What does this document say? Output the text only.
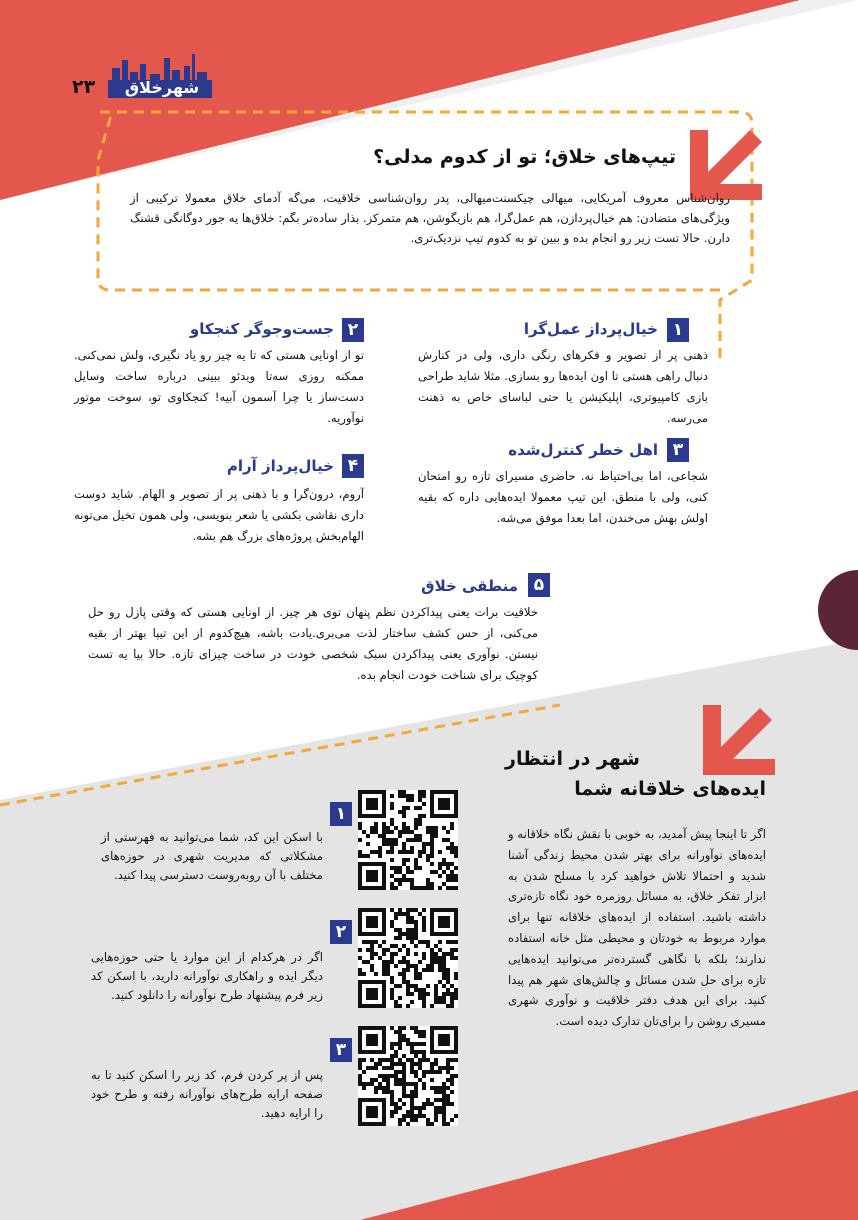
شهرخلاق
۲۳
تیپ‌های خلاق؛ تو از کدوم مدلی؟
روان‌شناس معروف آمریکایی، میهالی چیکسنت‌میهالی، پدر روان‌شناسی خلاقیت، می‌گه آدمای خلاق معمولا ترکیبی از ویژگی‌های متضادن: هم خیال‌پردازن، هم عمل‌گرا، هم بازیگوشن، هم متمرکز. بذار ساده‌تر بگم: خلاق‌ها یه جور دوگانگی قشنگ دارن. حالا تست زیر رو انجام بده و ببین تو به کدوم تیپ نزدیک‌تری.
۱
خیال‌پرداز عمل‌گرا
ذهنی پر از تصویر و فکرهای رنگی داری، ولی در کنارش دنبال راهی هستی تا اون ایده‌ها رو بسازی. مثلا شاید طراحی بازی کامپیوتری، اپلیکیشن یا حتی لباسای خاص به ذهنت می‌رسه.
۲
جست‌وجوگر کنجکاو
تو از اونایی هستی که تا یه چیز رو یاد نگیری، ولش نمی‌کنی. ممکنه روزی سه‌تا ویدئو ببینی درباره ساخت وسایل دست‌ساز یا چرا آسمون آبیه! کنجکاوی تو، سوخت موتور نوآوریه.
۳
اهل خطر کنترل‌شده
شجاعی، اما بی‌احتیاط نه. حاضری مسیرای تازه رو امتحان کنی، ولی با منطق. این تیپ معمولا ایده‌هایی داره که بقیه اولش بهش می‌خندن، اما بعدا موفق می‌شه.
۴
خیال‌پرداز آرام
آروم، درون‌گرا و با ذهنی پر از تصویر و الهام. شاید دوست داری نقاشی بکشی یا شعر بنویسی، ولی همون تخیل می‌تونه الهام‌بخش پروژه‌های بزرگ هم بشه.
۵
منطقی خلاق
خلاقیت برات یعنی پیداکردن نظم پنهان توی هر چیز. از اونایی هستی که وقتی پازل رو حل می‌کنی، از حس کشف ساختار لذت می‌بری.یادت باشه، هیچ‌کدوم از این تیپا بهتر از بقیه نیستن. نوآوری یعنی پیداکردن سبک شخصی خودت در ساخت چیزای تازه. حالا بیا یه تست کوچیک برای شناخت خودت انجام بده.
شهر در انتظار
ایده‌های خلاقانه شما
اگر تا اینجا پیش آمدید، به خوبی با نقش نگاه خلاقانه و ایده‌های نوآورانه برای بهتر شدن محیط زندگی آشنا شدید و احتمالا تلاش خواهید کرد با مسلح شدن به ابزار تفکر خلاق، به مسائل روزمره خود نگاه تازه‌تری داشته باشید. استفاده از ایده‌های خلاقانه تنها برای موارد مربوط به خودتان و محیطی مثل خانه استفاده ندارند؛ بلکه با نگاهی گسترده‌تر می‌توانید ایده‌هایی تازه برای حل شدن مسائل و چالش‌های شهر هم پیدا کنید. برای این هدف دفتر خلاقیت و نوآوری شهری مسیری روشن را برای‌تان تدارک دیده است.
۱
با اسکن این کد، شما می‌توانید به فهرستی از مشکلاتی که مدیریت شهری در حوزه‌های مختلف با آن روبه‌روست دسترسی پیدا کنید.
۲
اگر در هرکدام از این موارد یا حتی حوزه‌هایی دیگر ایده و راهکاری نوآورانه دارید، با اسکن کد زیر فرم پیشنهاد طرح نوآورانه را دانلود کنید.
۳
پس از پر کردن فرم، کد زیر را اسکن کنید تا به صفحه ارایه طرح‌های نوآورانه رفته و طرح خود را ارایه دهید.
